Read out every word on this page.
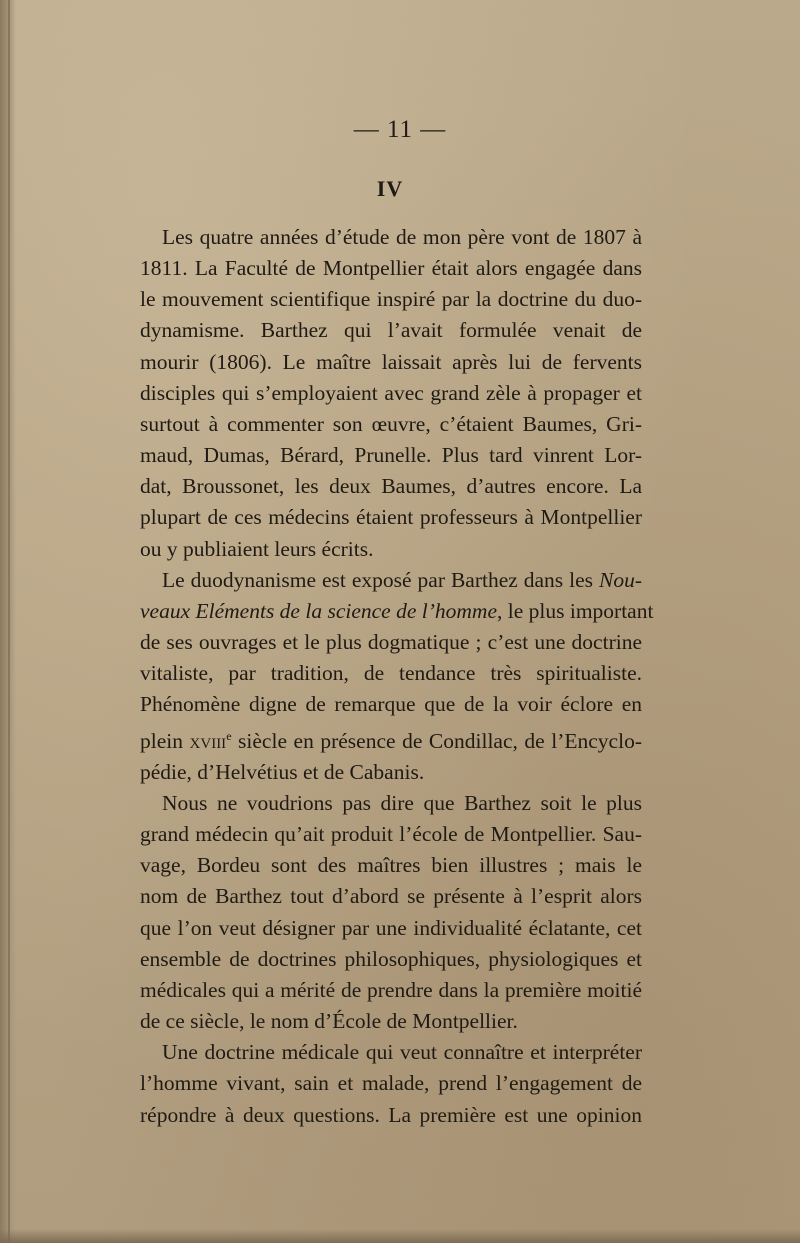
— 11 —
IV
Les quatre années d’étude de mon père vont de 1807 à
1811. La Faculté de Montpellier était alors engagée dans
le mouvement scientifique inspiré par la doctrine du duo-
dynamisme. Barthez qui l’avait formulée venait de
mourir (1806). Le maître laissait après lui de fervents
disciples qui s’employaient avec grand zèle à propager et
surtout à commenter son œuvre, c’étaient Baumes, Gri-
maud, Dumas, Bérard, Prunelle. Plus tard vinrent Lor-
dat, Broussonet, les deux Baumes, d’autres encore. La
plupart de ces médecins étaient professeurs à Montpellier
ou y publiaient leurs écrits.
Le duodynanisme est exposé par Barthez dans les Nou-
veaux Eléments de la science de l’homme, le plus important
de ses ouvrages et le plus dogmatique ; c’est une doctrine
vitaliste, par tradition, de tendance très spiritualiste.
Phénomène digne de remarque que de la voir éclore en
plein xviii$^e$ siècle en présence de Condillac, de l’Encyclo-
pédie, d’Helvétius et de Cabanis.
Nous ne voudrions pas dire que Barthez soit le plus
grand médecin qu’ait produit l’école de Montpellier. Sau-
vage, Bordeu sont des maîtres bien illustres ; mais le
nom de Barthez tout d’abord se présente à l’esprit alors
que l’on veut désigner par une individualité éclatante, cet
ensemble de doctrines philosophiques, physiologiques et
médicales qui a mérité de prendre dans la première moitié
de ce siècle, le nom d’École de Montpellier.
Une doctrine médicale qui veut connaître et interpréter
l’homme vivant, sain et malade, prend l’engagement de
répondre à deux questions. La première est une opinion
